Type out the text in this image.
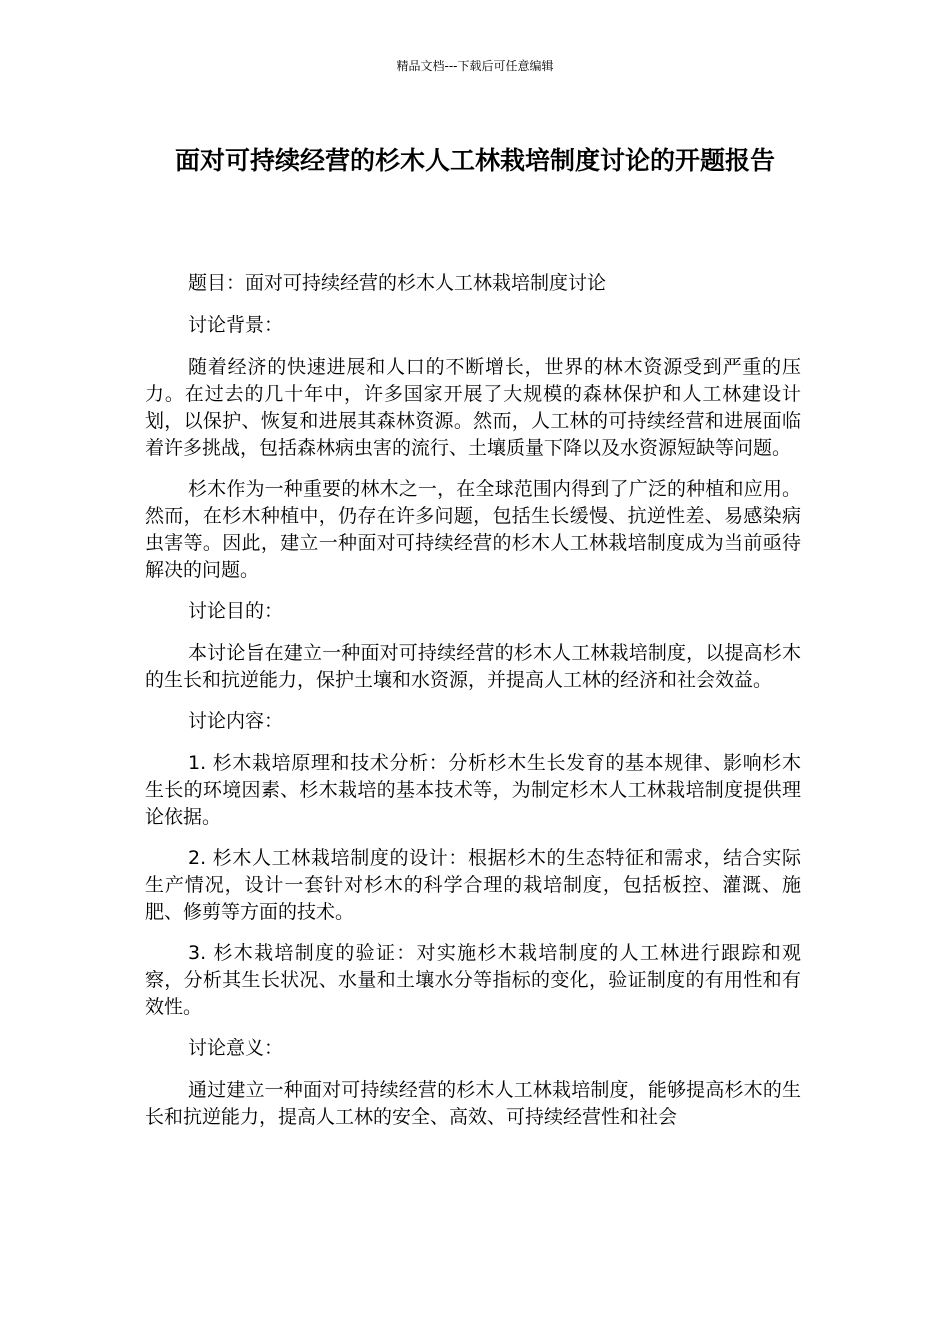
精品文档---下载后可任意编辑
面对可持续经营的杉木人工林栽培制度讨论的开题报告

题目：面对可持续经营的杉木人工林栽培制度讨论

讨论背景：

随着经济的快速进展和人口的不断增长，世界的林木资源受到严重的压力。在过去的几十年中，许多国家开展了大规模的森林保护和人工林建设计划，以保护、恢复和进展其森林资源。然而，人工林的可持续经营和进展面临着许多挑战，包括森林病虫害的流行、土壤质量下降以及水资源短缺等问题。

杉木作为一种重要的林木之一，在全球范围内得到了广泛的种植和应用。然而，在杉木种植中，仍存在许多问题，包括生长缓慢、抗逆性差、易感染病虫害等。因此，建立一种面对可持续经营的杉木人工林栽培制度成为当前亟待解决的问题。

讨论目的：

本讨论旨在建立一种面对可持续经营的杉木人工林栽培制度，以提高杉木的生长和抗逆能力，保护土壤和水资源，并提高人工林的经济和社会效益。

讨论内容：

1. 杉木栽培原理和技术分析：分析杉木生长发育的基本规律、影响杉木生长的环境因素、杉木栽培的基本技术等，为制定杉木人工林栽培制度提供理论依据。

2. 杉木人工林栽培制度的设计：根据杉木的生态特征和需求，结合实际生产情况，设计一套针对杉木的科学合理的栽培制度，包括板控、灌溉、施肥、修剪等方面的技术。

3. 杉木栽培制度的验证：对实施杉木栽培制度的人工林进行跟踪和观察，分析其生长状况、水量和土壤水分等指标的变化，验证制度的有用性和有效性。

讨论意义：

通过建立一种面对可持续经营的杉木人工林栽培制度，能够提高杉木的生长和抗逆能力，提高人工林的安全、高效、可持续经营性和社会
